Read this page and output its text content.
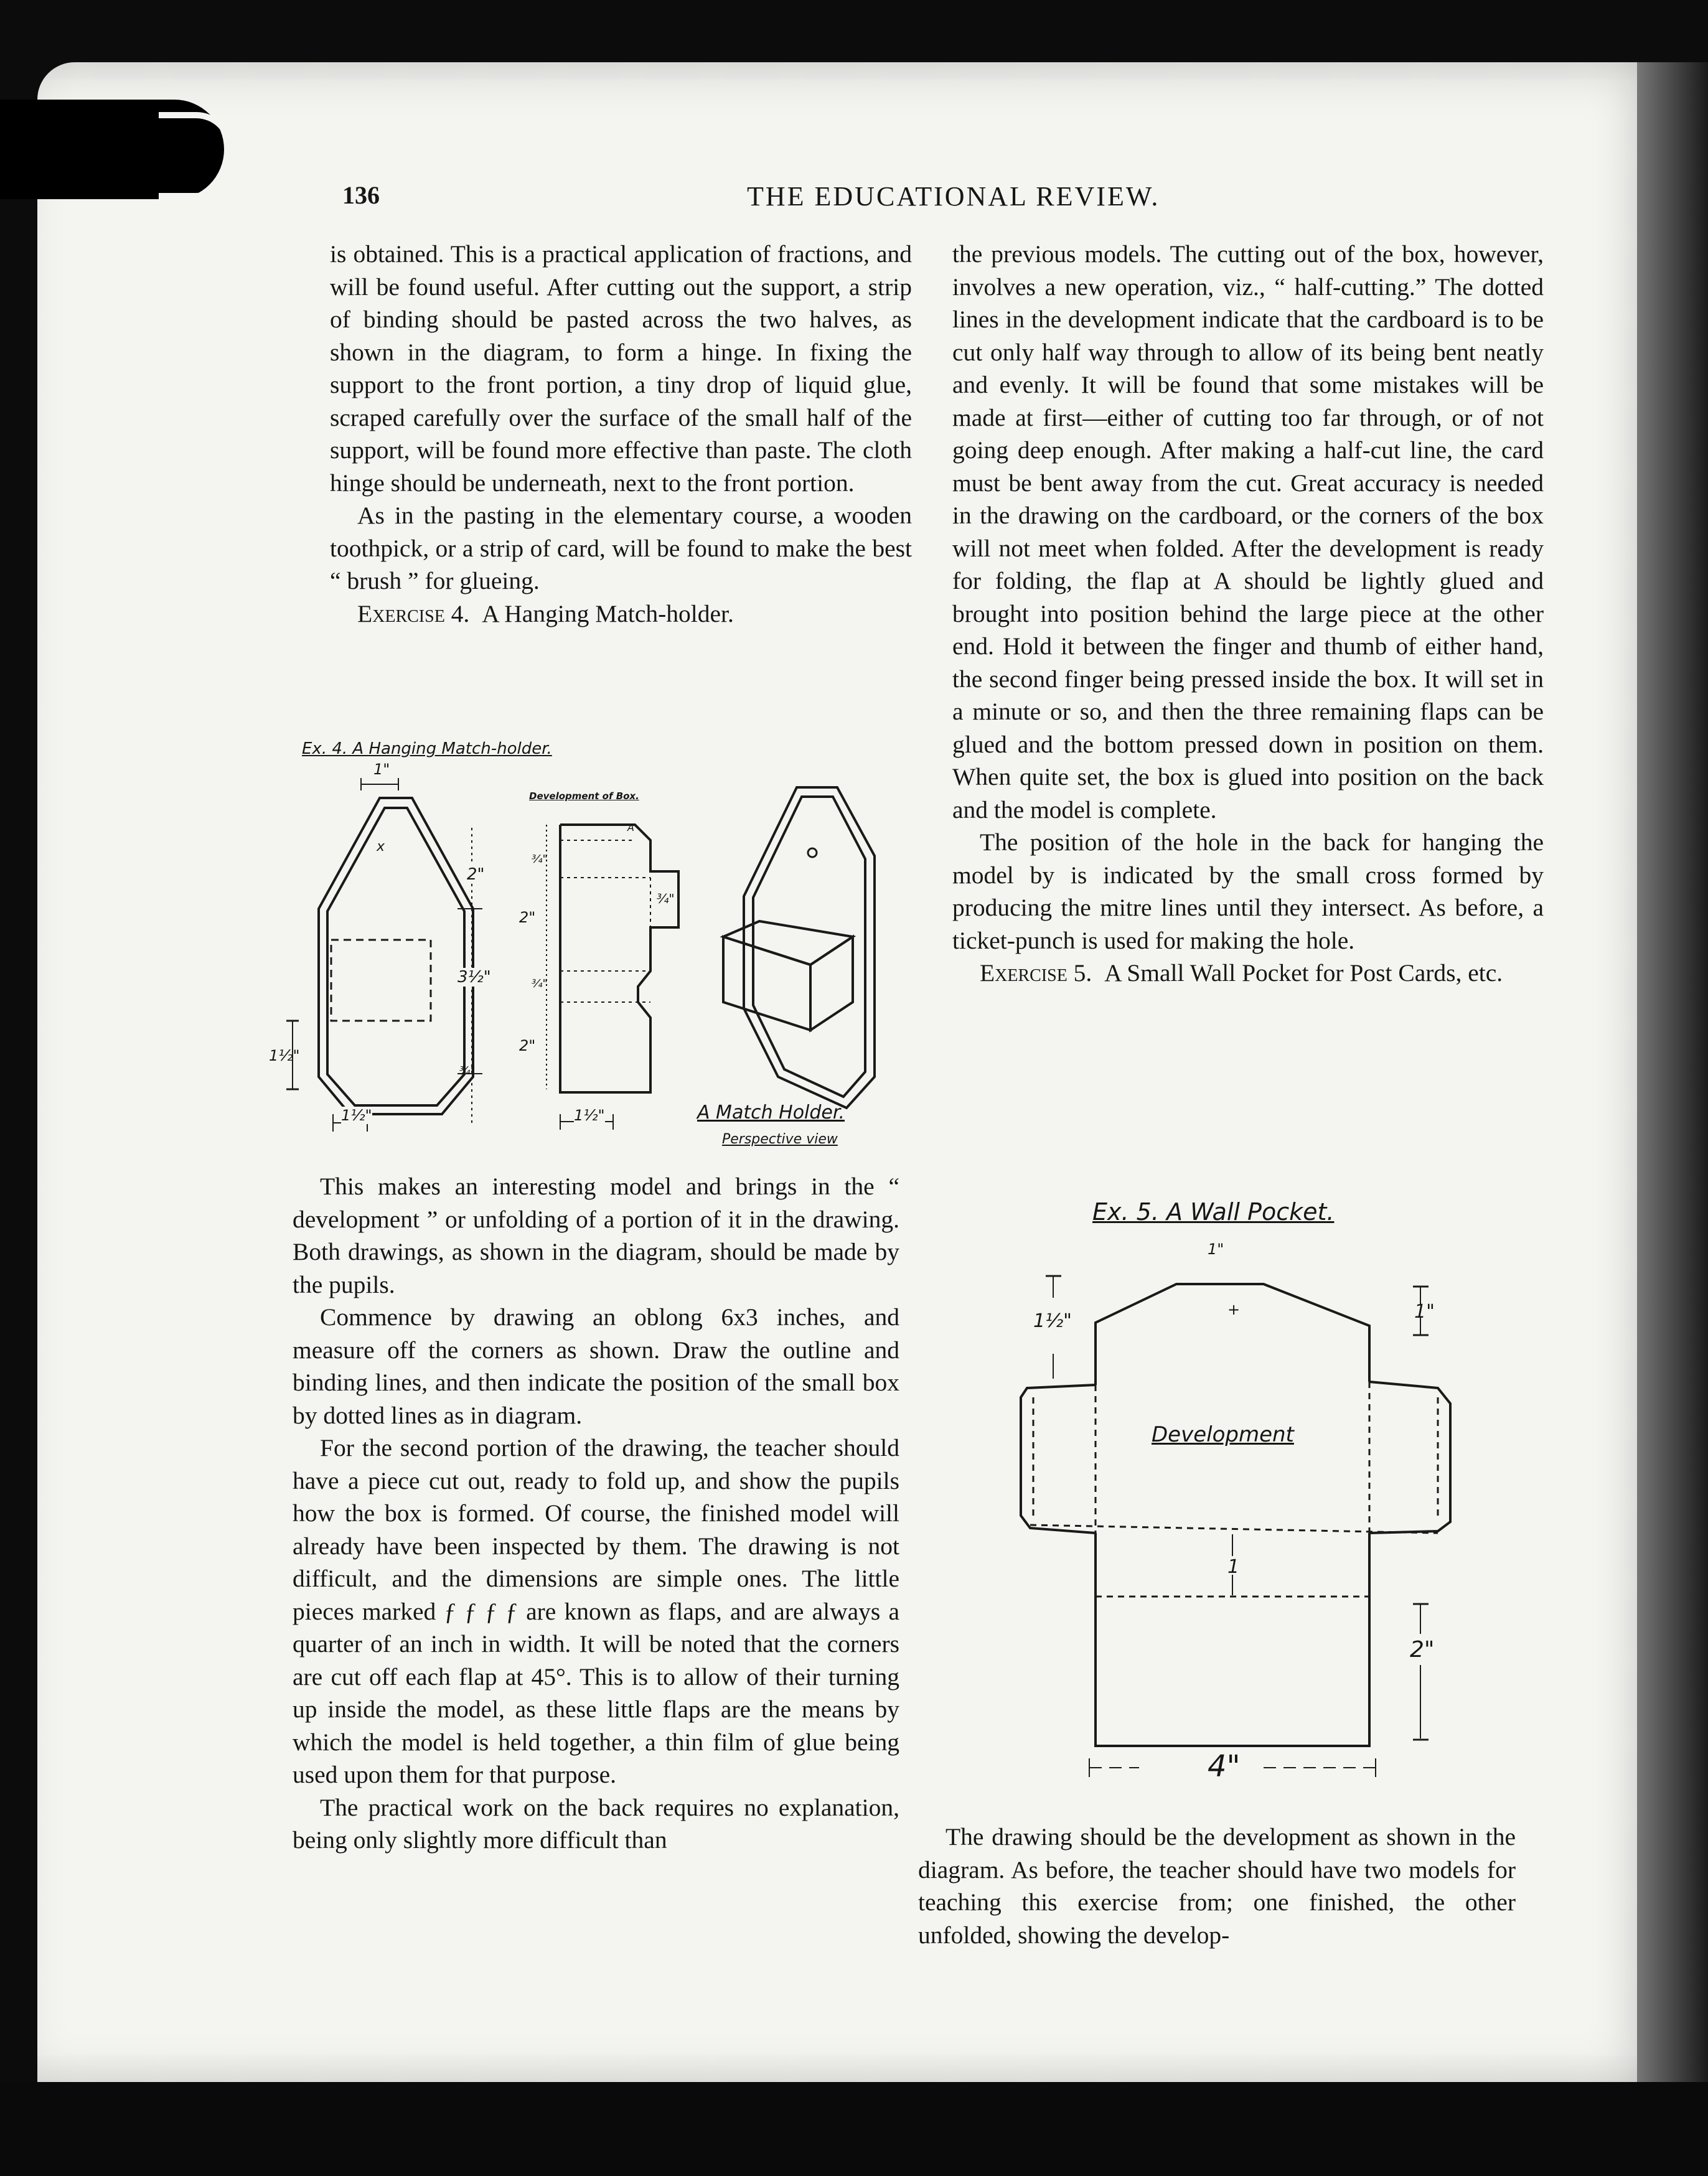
136	THE EDUCATIONAL REVIEW.

is obtained. This is a practical application of fractions, and will be found useful. After cutting out the support, a strip of binding should be pasted across the two halves, as shown in the diagram, to form a hinge. In fixing the support to the front portion, a tiny drop of liquid glue, scraped carefully over the surface of the small half of the support, will be found more effective than paste. The cloth hinge should be underneath, next to the front portion.

As in the pasting in the elementary course, a wooden toothpick, or a strip of card, will be found to make the best “ brush ” for glueing.

Exercise 4. A Hanging Match-holder.

Ex. 4. A Hanging Match-holder.
Development of Box.
1"
x
2"
3½"
1½"
1½"
¾"
2"
¾"
¾"
2"
¾"
A
1½"	A Match Holder.
Perspective view

This makes an interesting model and brings in the “ development ” or unfolding of a portion of it in the drawing. Both drawings, as shown in the diagram, should be made by the pupils.

Commence by drawing an oblong 6x3 inches, and measure off the corners as shown. Draw the outline and binding lines, and then indicate the position of the small box by dotted lines as in diagram.

For the second portion of the drawing, the teacher should have a piece cut out, ready to fold up, and show the pupils how the box is formed. Of course, the finished model will already have been inspected by them. The drawing is not difficult, and the dimensions are simple ones. The little pieces marked ƒ ƒ ƒ ƒ are known as flaps, and are always a quarter of an inch in width. It will be noted that the corners are cut off each flap at 45°. This is to allow of their turning up inside the model, as these little flaps are the means by which the model is held together, a thin film of glue being used upon them for that purpose.

The practical work on the back requires no explanation, being only slightly more difficult than

the previous models. The cutting out of the box, however, involves a new operation, viz., “ half-cutting.” The dotted lines in the development indicate that the cardboard is to be cut only half way through to allow of its being bent neatly and evenly. It will be found that some mistakes will be made at first—either of cutting too far through, or of not going deep enough. After making a half-cut line, the card must be bent away from the cut. Great accuracy is needed in the drawing on the cardboard, or the corners of the box will not meet when folded. After the development is ready for folding, the flap at A should be lightly glued and brought into position behind the large piece at the other end. Hold it between the finger and thumb of either hand, the second finger being pressed inside the box. It will set in a minute or so, and then the three remaining flaps can be glued and the bottom pressed down in position on them. When quite set, the box is glued into position on the back and the model is complete.

The position of the hole in the back for hanging the model by is indicated by the small cross formed by producing the mitre lines until they intersect. As before, a ticket-punch is used for making the hole.

Exercise 5. A Small Wall Pocket for Post Cards, etc.

Ex. 5. A Wall Pocket.
1"
+
1½"	1"
Development
1
2"
4"

The drawing should be the development as shown in the diagram. As before, the teacher should have two models for teaching this exercise from; one finished, the other unfolded, showing the develop-
